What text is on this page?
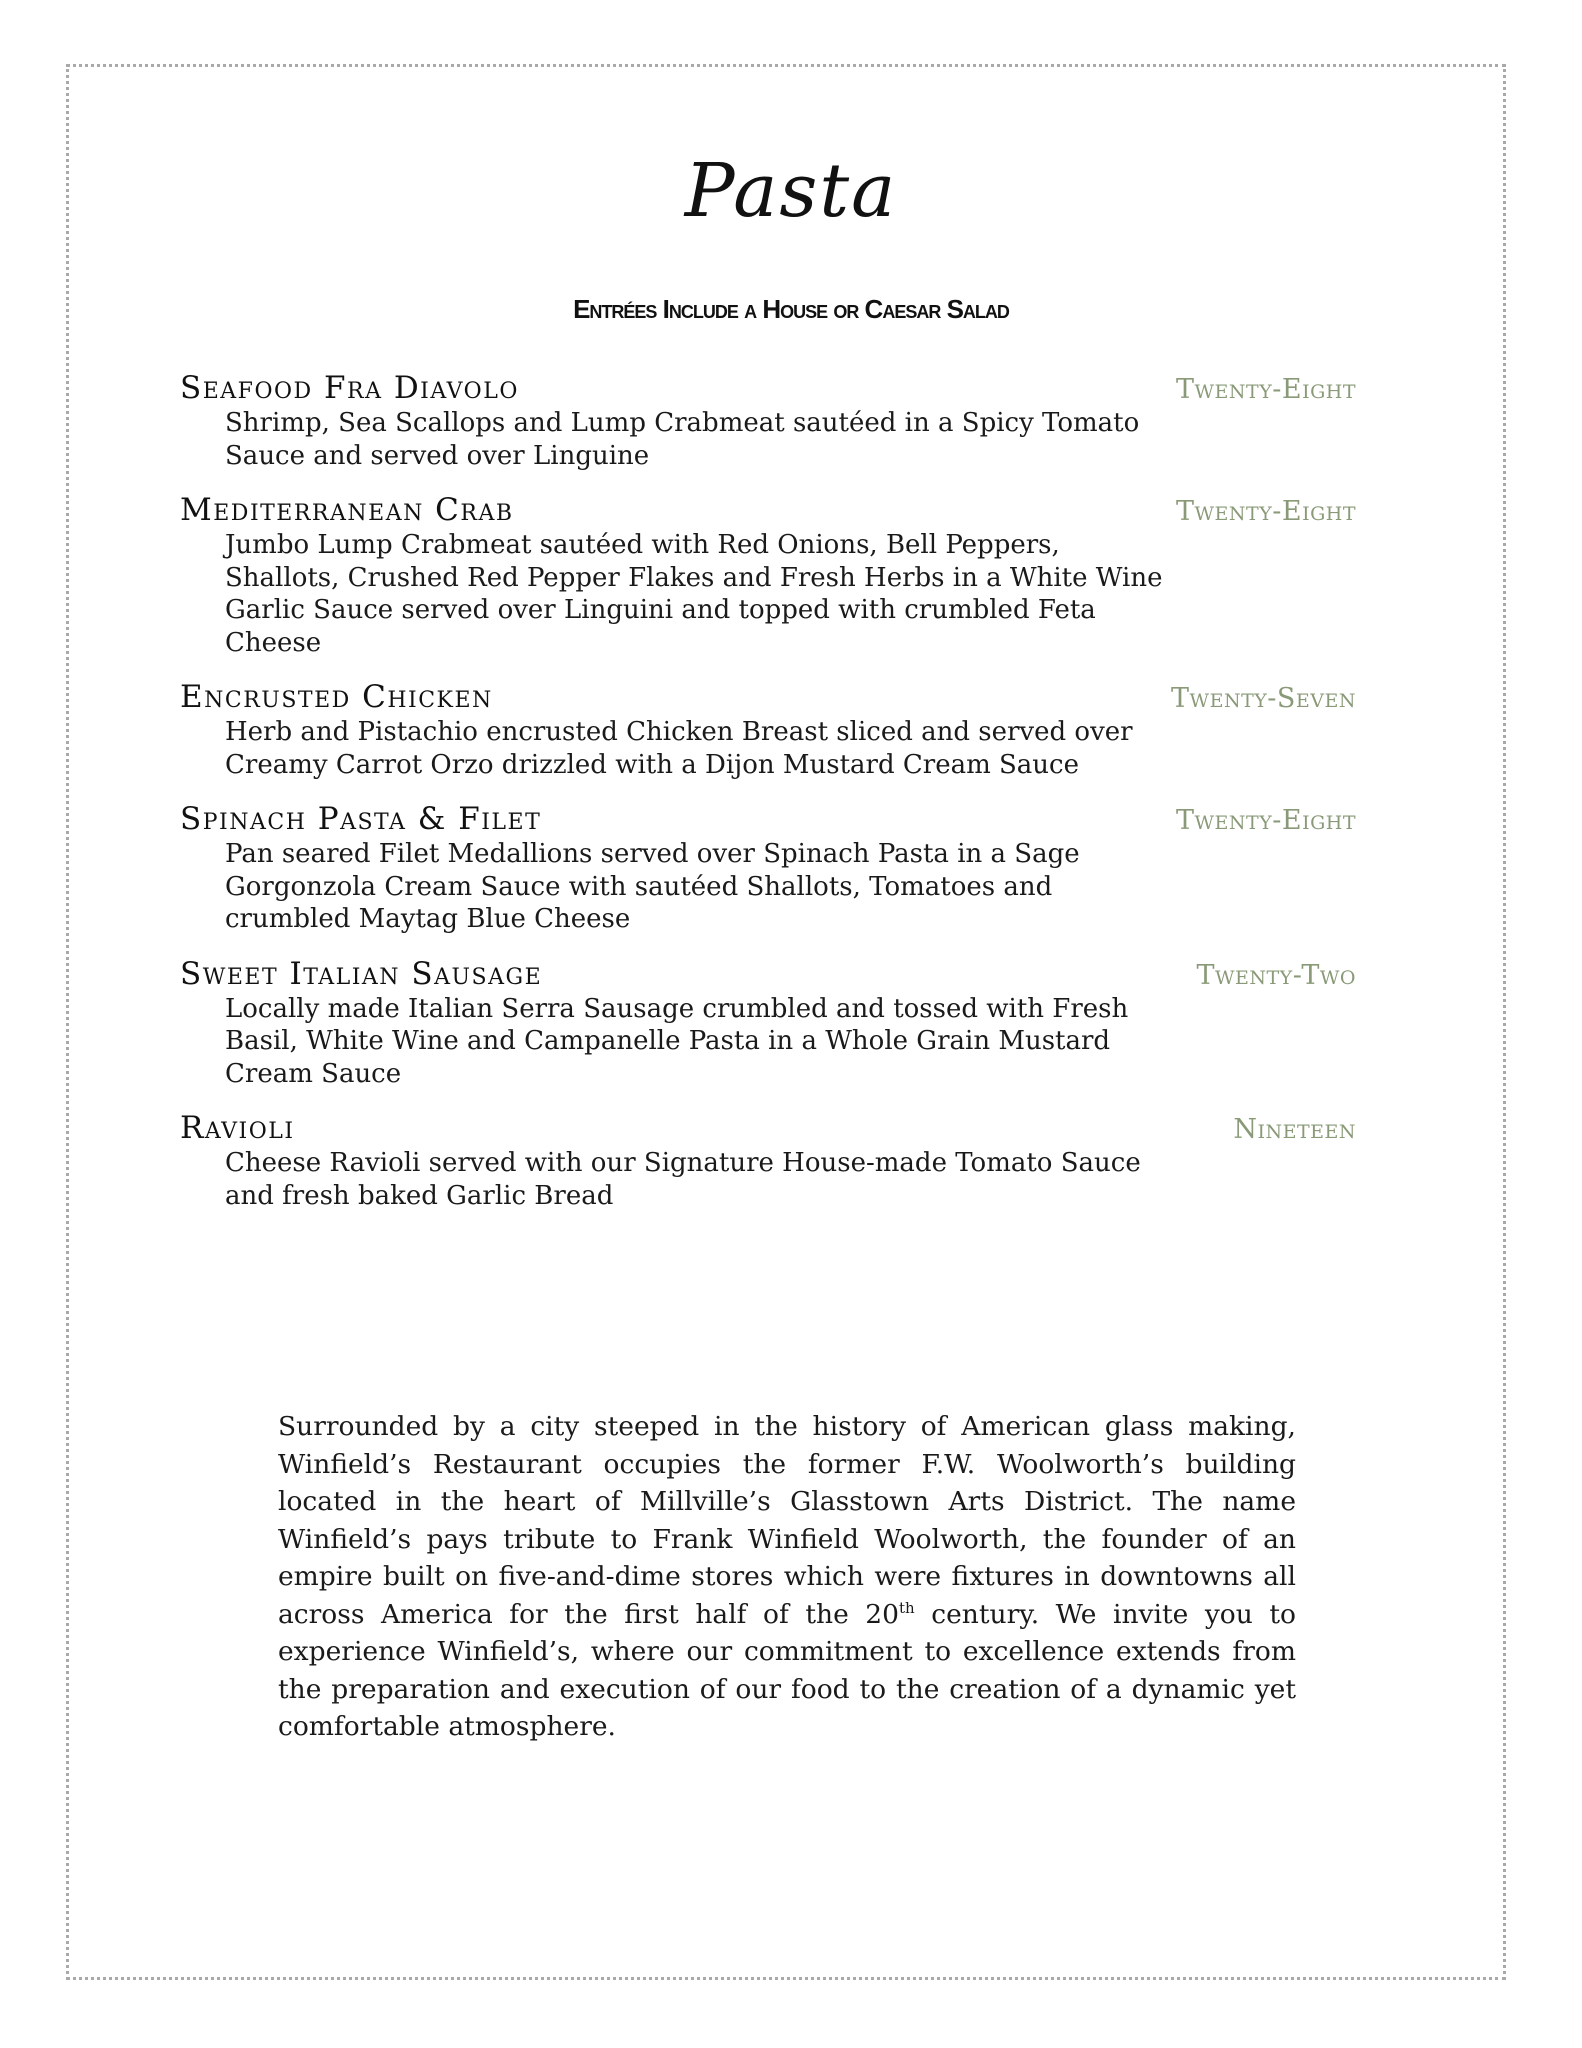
Pasta
Entrées Include a House or Caesar Salad
Seafood Fra Diavolo	Twenty-Eight
Shrimp, Sea Scallops and Lump Crabmeat sautéed in a Spicy Tomato Sauce and served over Linguine
Mediterranean Crab	Twenty-Eight
Jumbo Lump Crabmeat sautéed with Red Onions, Bell Peppers, Shallots, Crushed Red Pepper Flakes and Fresh Herbs in a White Wine Garlic Sauce served over Linguini and topped with crumbled Feta Cheese
Encrusted Chicken	Twenty-Seven
Herb and Pistachio encrusted Chicken Breast sliced and served over Creamy Carrot Orzo drizzled with a Dijon Mustard Cream Sauce
Spinach Pasta & Filet	Twenty-Eight
Pan seared Filet Medallions served over Spinach Pasta in a Sage Gorgonzola Cream Sauce with sautéed Shallots, Tomatoes and crumbled Maytag Blue Cheese
Sweet Italian Sausage	Twenty-Two
Locally made Italian Serra Sausage crumbled and tossed with Fresh Basil, White Wine and Campanelle Pasta in a Whole Grain Mustard Cream Sauce
Ravioli	Nineteen
Cheese Ravioli served with our Signature House-made Tomato Sauce and fresh baked Garlic Bread

Surrounded by a city steeped in the history of American glass making, Winfield’s Restaurant occupies the former F.W. Woolworth’s building located in the heart of Millville’s Glasstown Arts District. The name Winfield’s pays tribute to Frank Winfield Woolworth, the founder of an empire built on five-and-dime stores which were fixtures in downtowns all across America for the first half of the 20th century. We invite you to experience Winfield’s, where our commitment to excellence extends from the preparation and execution of our food to the creation of a dynamic yet comfortable atmosphere.
